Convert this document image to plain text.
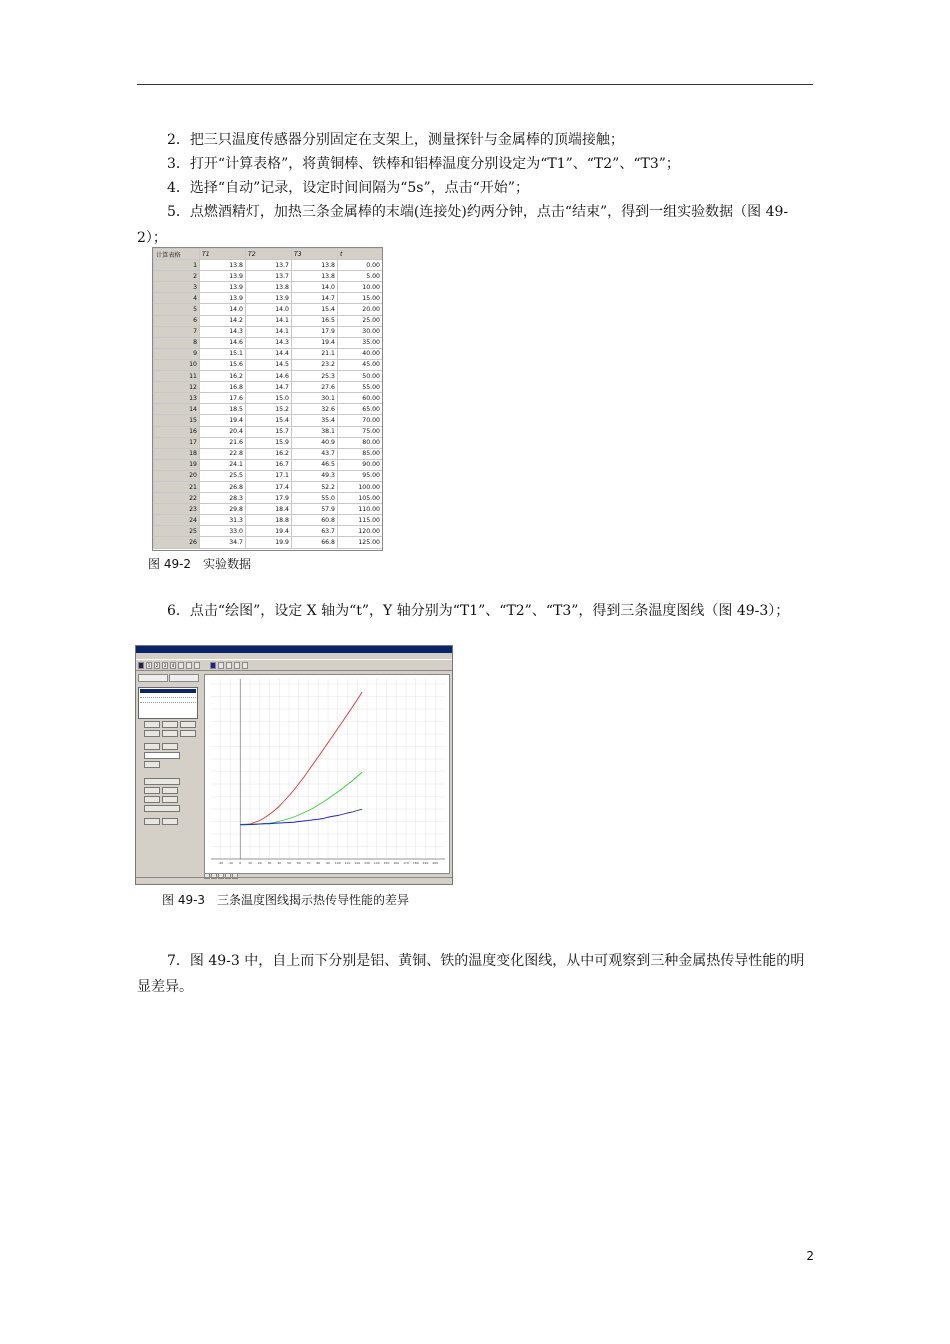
2．把三只温度传感器分别固定在支架上，测量探针与金属棒的顶端接触；
3．打开“计算表格”，将黄铜棒、铁棒和铝棒温度分别设定为“T1”、“T2”、“T3”；
4．选择“自动”记录，设定时间间隔为“5s”，点击“开始”；
5．点燃酒精灯，加热三条金属棒的末端(连接处)约两分钟，点击“结束”，得到一组实验数据（图 49-2）；
计算表格	T1	T2	T3	t
1	13.8	13.7	13.8	0.00
2	13.9	13.7	13.8	5.00
3	13.9	13.8	14.0	10.00
4	13.9	13.9	14.7	15.00
5	14.0	14.0	15.4	20.00
6	14.2	14.1	16.5	25.00
7	14.3	14.1	17.9	30.00
8	14.6	14.3	19.4	35.00
9	15.1	14.4	21.1	40.00
10	15.6	14.5	23.2	45.00
11	16.2	14.6	25.3	50.00
12	16.8	14.7	27.6	55.00
13	17.6	15.0	30.1	60.00
14	18.5	15.2	32.6	65.00
15	19.4	15.4	35.4	70.00
16	20.4	15.7	38.1	75.00
17	21.6	15.9	40.9	80.00
18	22.8	16.2	43.7	85.00
19	24.1	16.7	46.5	90.00
20	25.5	17.1	49.3	95.00
21	26.8	17.4	52.2	100.00
22	28.3	17.9	55.0	105.00
23	29.8	18.4	57.9	110.00
24	31.3	18.8	60.8	115.00
25	33.0	19.4	63.7	120.00
26	34.7	19.9	66.8	125.00
图 49-2　实验数据
6．点击“绘图”，设定 X 轴为“t”，Y 轴分别为“T1”、“T2”、“T3”，得到三条温度图线（图 49-3）；
1	2	3	4

-20 -10 0 10 20 30 40 50 60 70 80 90 100 110 120 130 140 150 160 170 180 190 200
图 49-3　三条温度图线揭示热传导性能的差异
7．图 49-3 中，自上而下分别是铝、黄铜、铁的温度变化图线，从中可观察到三种金属热传导性能的明显差异。
2
